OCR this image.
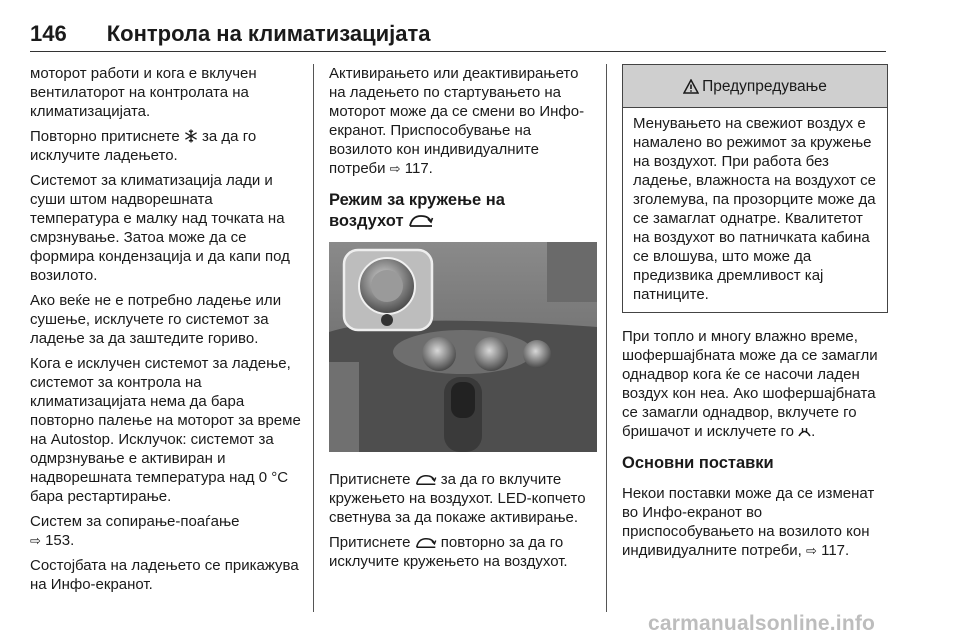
146 Контрола на климатизацијата

моторот работи и кога е вклучен вентилаторот на контролата на климатизацијата.

Повторно притиснете  за да го исклучите ладењето.

Системот за климатизација лади и суши штом надворешната температура е малку над точката на смрзнување. Затоа може да се формира кондензација и да капи под возилото.

Ако веќе не е потребно ладење или сушење, исклучете го системот за ладење за да заштедите гориво.

Кога е исклучен системот за ладење, системот за контрола на климатизацијата нема да бара повторно палење на моторот за време на Autostop. Исклучок: системот за одмрзнување е активиран и надворешната температура над 0 °C бара рестартирање.

Систем за сопирање-поаѓање
⇨ 153.

Состојбата на ладењето се прикажува на Инфо-екранот.

Активирањето или деактивирањето на ладењето по стартувањето на моторот може да се смени во Инфо-екранот. Приспособување на возилото кон индивидуалните потреби ⇨ 117.

Режим за кружење на
воздухот

Притиснете  за да го вклучите кружењето на воздухот. LED-копчето светнува за да покаже активирање.

Притиснете  повторно за да го исклучите кружењето на воздухот.

Предупредување

Менувањето на свежиот воздух е намалено во режимот за кружење на воздухот. При работа без ладење, влажноста на воздухот се зголемува, па прозорците може да се замаглат однатре. Квалитетот на воздухот во патничката кабина се влошува, што може да предизвика дремливост кај патниците.

При топло и многу влажно време, шофершајбната може да се замагли однадвор кога ќе се насочи ладен воздух кон неа. Ако шофершајбната се замагли однадвор, вклучете го бришачот и исклучете го .

Основни поставки

Некои поставки може да се изменат во Инфо-екранот во приспособувањето на возилото кон индивидуалните потреби, ⇨ 117.

carmanualsonline.info
